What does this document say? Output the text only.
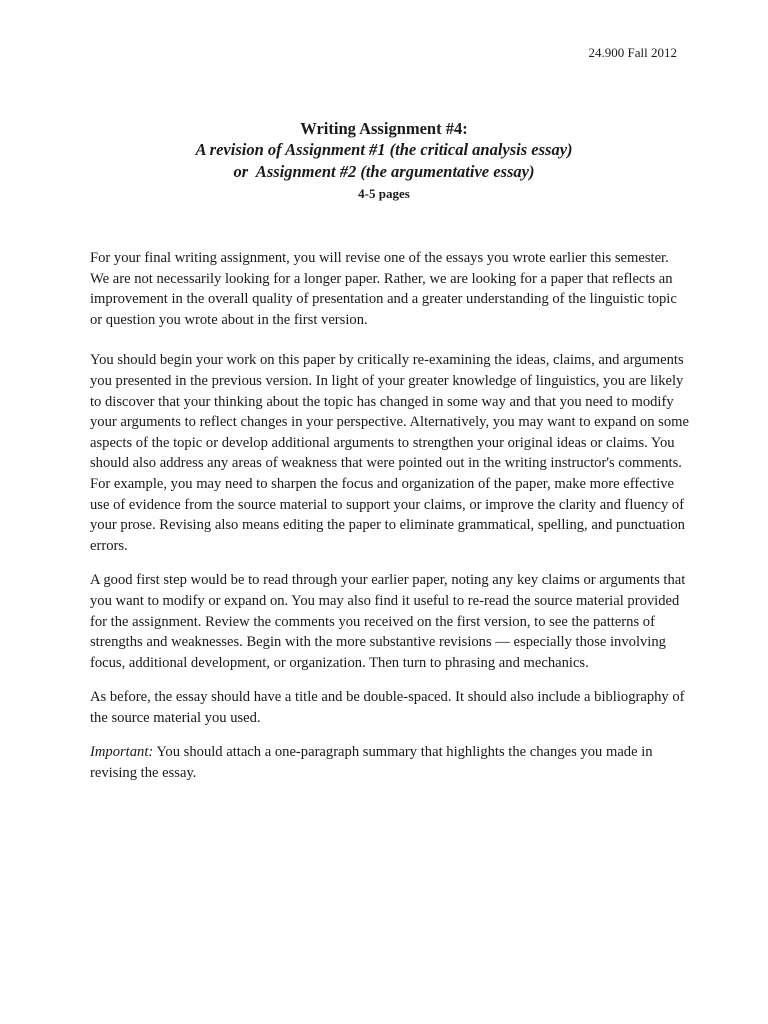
24.900 Fall 2012
Writing Assignment #4:
A revision of Assignment #1 (the critical analysis essay)
or  Assignment #2 (the argumentative essay)
4-5 pages

For your final writing assignment, you will revise one of the essays you wrote earlier this semester. We are not necessarily looking for a longer paper. Rather, we are looking for a paper that reflects an improvement in the overall quality of presentation and a greater understanding of the linguistic topic or question you wrote about in the first version.

You should begin your work on this paper by critically re-examining the ideas, claims, and arguments you presented in the previous version. In light of your greater knowledge of linguistics, you are likely to discover that your thinking about the topic has changed in some way and that you need to modify your arguments to reflect changes in your perspective. Alternatively, you may want to expand on some aspects of the topic or develop additional arguments to strengthen your original ideas or claims. You should also address any areas of weakness that were pointed out in the writing instructor's comments. For example, you may need to sharpen the focus and organization of the paper, make more effective use of evidence from the source material to support your claims, or improve the clarity and fluency of your prose. Revising also means editing the paper to eliminate grammatical, spelling, and punctuation errors.

A good first step would be to read through your earlier paper, noting any key claims or arguments that you want to modify or expand on. You may also find it useful to re-read the source material provided for the assignment. Review the comments you received on the first version, to see the patterns of strengths and weaknesses. Begin with the more substantive revisions — especially those involving focus, additional development, or organization. Then turn to phrasing and mechanics.

As before, the essay should have a title and be double-spaced. It should also include a bibliography of the source material you used.

Important: You should attach a one-paragraph summary that highlights the changes you made in revising the essay.
